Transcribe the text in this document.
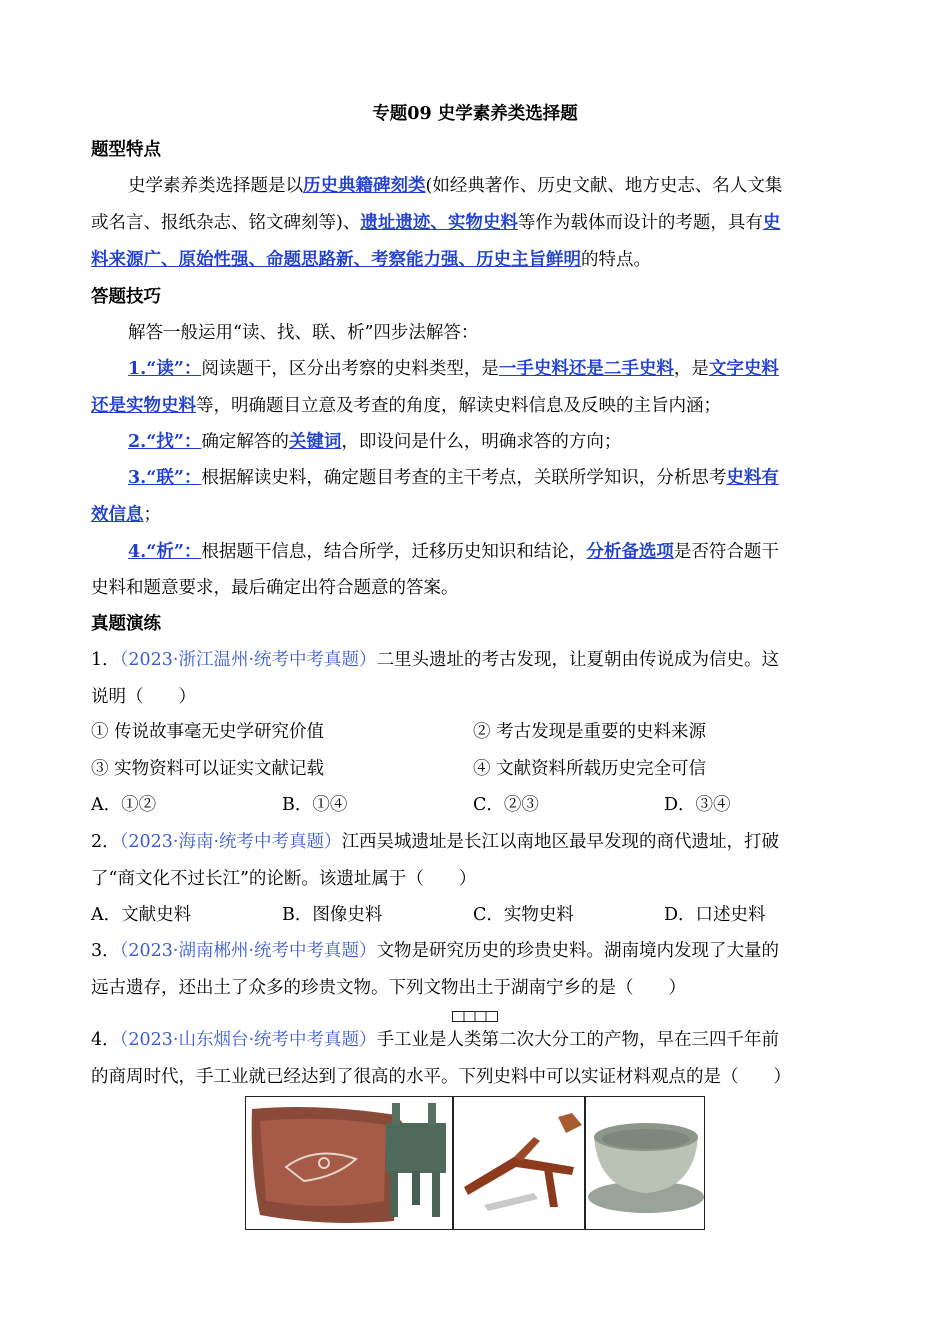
专题09 史学素养类选择题
题型特点
史学素养类选择题是以历史典籍碑刻类(如经典著作、历史文献、地方史志、名人文集
或名言、报纸杂志、铭文碑刻等)、遗址遗迹、实物史料等作为载体而设计的考题，具有史
料来源广、原始性强、命题思路新、考察能力强、历史主旨鲜明的特点。
答题技巧
解答一般运用“读、找、联、析”四步法解答：
1.“读”：阅读题干，区分出考察的史料类型，是一手史料还是二手史料，是文字史料
还是实物史料等，明确题目立意及考查的角度，解读史料信息及反映的主旨内涵；
2.“找”：确定解答的关键词，即设问是什么，明确求答的方向；
3.“联”：根据解读史料，确定题目考查的主干考点，关联所学知识，分析思考史料有
效信息；
4.“析”：根据题干信息，结合所学，迁移历史知识和结论，分析备选项是否符合题干
史料和题意要求，最后确定出符合题意的答案。
真题演练
1．（2023·浙江温州·统考中考真题）二里头遗址的考古发现，让夏朝由传说成为信史。这
说明（　　）
① 传说故事毫无史学研究价值	② 考古发现是重要的史料来源
③ 实物资料可以证实文献记载	④ 文献资料所载历史完全可信
A．①②	B．①④	C．②③	D．③④
2．（2023·海南·统考中考真题）江西吴城遗址是长江以南地区最早发现的商代遗址，打破
了“商文化不过长江”的论断。该遗址属于（　　）
A．文献史料	B．图像史料	C．实物史料	D．口述史料
3．（2023·湖南郴州·统考中考真题）文物是研究历史的珍贵史料。湖南境内发现了大量的
远古遗存，还出土了众多的珍贵文物。下列文物出土于湖南宁乡的是（　　）
4．（2023·山东烟台·统考中考真题）手工业是人类第二次大分工的产物，早在三四千年前
的商周时代，手工业就已经达到了很高的水平。下列史料中可以实证材料观点的是（　　）
